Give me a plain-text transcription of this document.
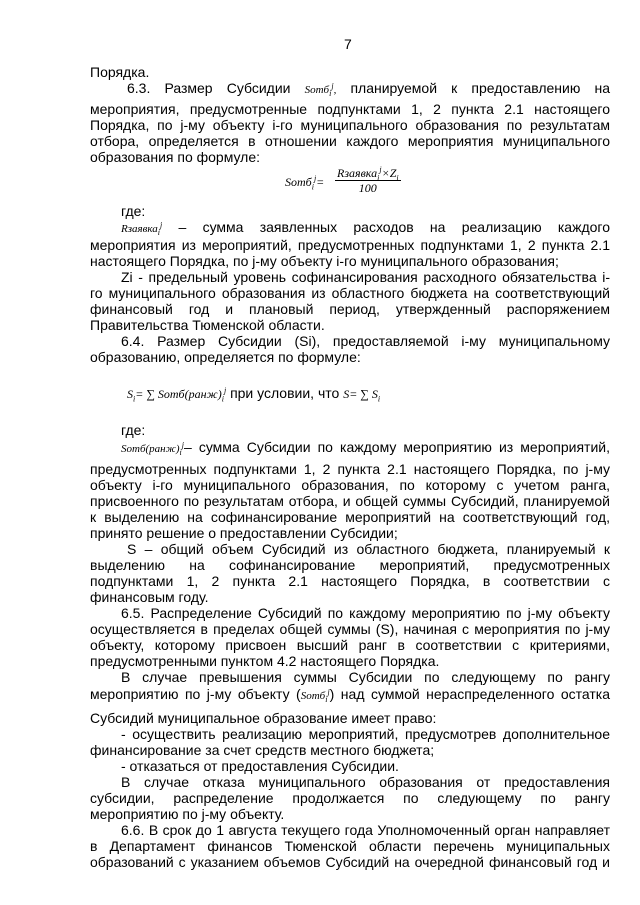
7
Порядка.
6.3. Размер Субсидии Sотб$_i^j$, планируемой к предоставлению на
мероприятия, предусмотренные подпунктами 1, 2 пункта 2.1 настоящего
Порядка, по j-му объекту i-го муниципального образования по результатам
отбора, определяется в отношении каждого мероприятия муниципального
образования по формуле:
Sотб$_i^j$=
$Rзаявка_i^j\times Z_i$
100
где:
Rзаявка$_i^j$ – сумма заявленных расходов на реализацию каждого
мероприятия из мероприятий, предусмотренных подпунктами 1, 2 пункта 2.1
настоящего Порядка, по j-му объекту i-го муниципального образования;
Zi - предельный уровень софинансирования расходного обязательства i-
го муниципального образования из областного бюджета на соответствующий
финансовый год и плановый период, утвержденный распоряжением
Правительства Тюменской области.
6.4. Размер Субсидии (Si), предоставляемой i-му муниципальному
образованию, определяется по формуле:
$S_i=$ ∑ $Sотб(ранж)_i^j$ при условии, что S= ∑ $S_i$
где:
$Sотб(ранж)_i^j-$ сумма Субсидии по каждому мероприятию из мероприятий,
предусмотренных подпунктами 1, 2 пункта 2.1 настоящего Порядка, по j-му
объекту i-го муниципального образования, по которому с учетом ранга,
присвоенного по результатам отбора, и общей суммы Субсидий, планируемой
к выделению на софинансирование мероприятий на соответствующий год,
принято решение о предоставлении Субсидии;
S – общий объем Субсидий из областного бюджета, планируемый к
выделению на софинансирование мероприятий, предусмотренных
подпунктами 1, 2 пункта 2.1 настоящего Порядка, в соответствии с
финансовым году.
6.5. Распределение Субсидий по каждому мероприятию по j-му объекту
осуществляется в пределах общей суммы (S), начиная с мероприятия по j-му
объекту, которому присвоен высший ранг в соответствии с критериями,
предусмотренными пунктом 4.2 настоящего Порядка.
В случае превышения суммы Субсидии по следующему по рангу
мероприятию по j-му объекту (Sотб$_i^j$) над суммой нераспределенного остатка
Субсидий муниципальное образование имеет право:
- осуществить реализацию мероприятий, предусмотрев дополнительное
финансирование за счет средств местного бюджета;
- отказаться от предоставления Субсидии.
В случае отказа муниципального образования от предоставления
субсидии, распределение продолжается по следующему по рангу
мероприятию по j-му объекту.
6.6. В срок до 1 августа текущего года Уполномоченный орган направляет
в Департамент финансов Тюменской области перечень муниципальных
образований с указанием объемов Субсидий на очередной финансовый год и
